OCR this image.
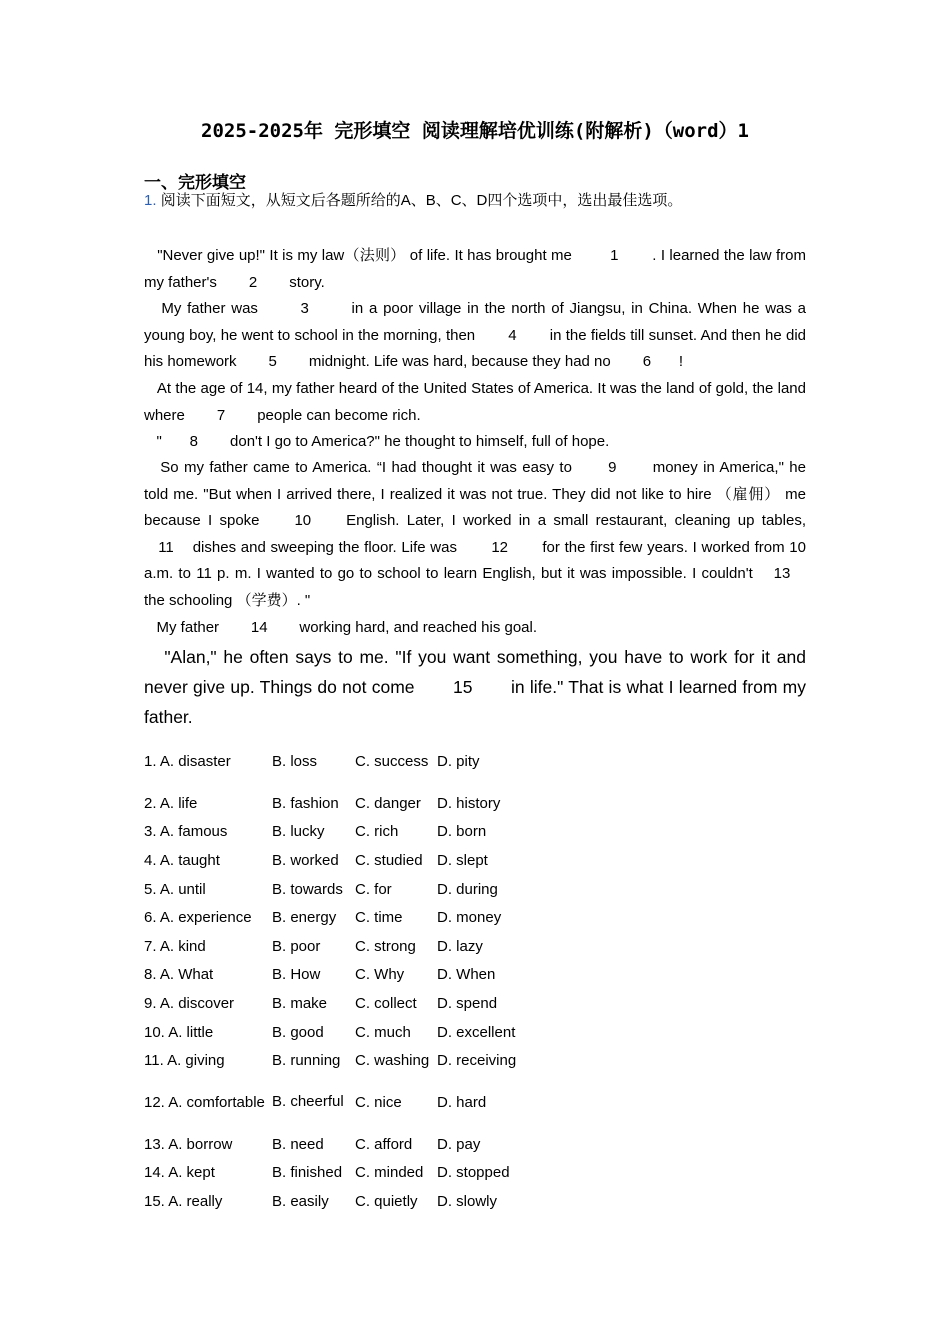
2025-2025年 完形填空 阅读理解培优训练(附解析)（word）1
一、完形填空
1. 阅读下面短文，从短文后各题所给的A、B、C、D四个选项中，选出最佳选项。
"Never give up!" It is my law（法则） of life. It has brought me 1 . I learned the law from my father's 2 story.
My father was 3 in a poor village in the north of Jiangsu, in China. When he was a young boy, he went to school in the morning, then 4 in the fields till sunset. And then he did his homework 5 midnight. Life was hard, because they had no 6 !
At the age of 14, my father heard of the United States of America. It was the land of gold, the land where 7 people can become rich.
" 8 don't I go to America?" he thought to himself, full of hope.
So my father came to America. “I had thought it was easy to 9 money in America," he told me. "But when I arrived there, I realized it was not true. They did not like to hire （雇佣） me because I spoke 10 English. Later, I worked in a small restaurant, cleaning up tables, 11 dishes and sweeping the floor. Life was 12 for the first few years. I worked from 10 a.m. to 11 p. m. I wanted to go to school to learn English, but it was impossible. I couldn't 13 the schooling （学费）. "
My father 14 working hard, and reached his goal.
"Alan," he often says to me. "If you want something, you have to work for it and never give up. Things do not come 15 in life." That is what I learned from my father.
1. A. disaster	B. loss	C. success	D. pity
2. A. life	B. fashion	C. danger	D. history
3. A. famous	B. lucky	C. rich	D. born
4. A. taught	B. worked	C. studied	D. slept
5. A. until	B. towards	C. for	D. during
6. A. experience	B. energy	C. time	D. money
7. A. kind	B. poor	C. strong	D. lazy
8. A. What	B. How	C. Why	D. When
9. A. discover	B. make	C. collect	D. spend
10. A. little	B. good	C. much	D. excellent
11. A. giving	B. running	C. washing	D. receiving
12. A. comfortable	B. cheerful	C. nice	D. hard
13. A. borrow	B. need	C. afford	D. pay
14. A. kept	B. finished	C. minded	D. stopped
15. A. really	B. easily	C. quietly	D. slowly
